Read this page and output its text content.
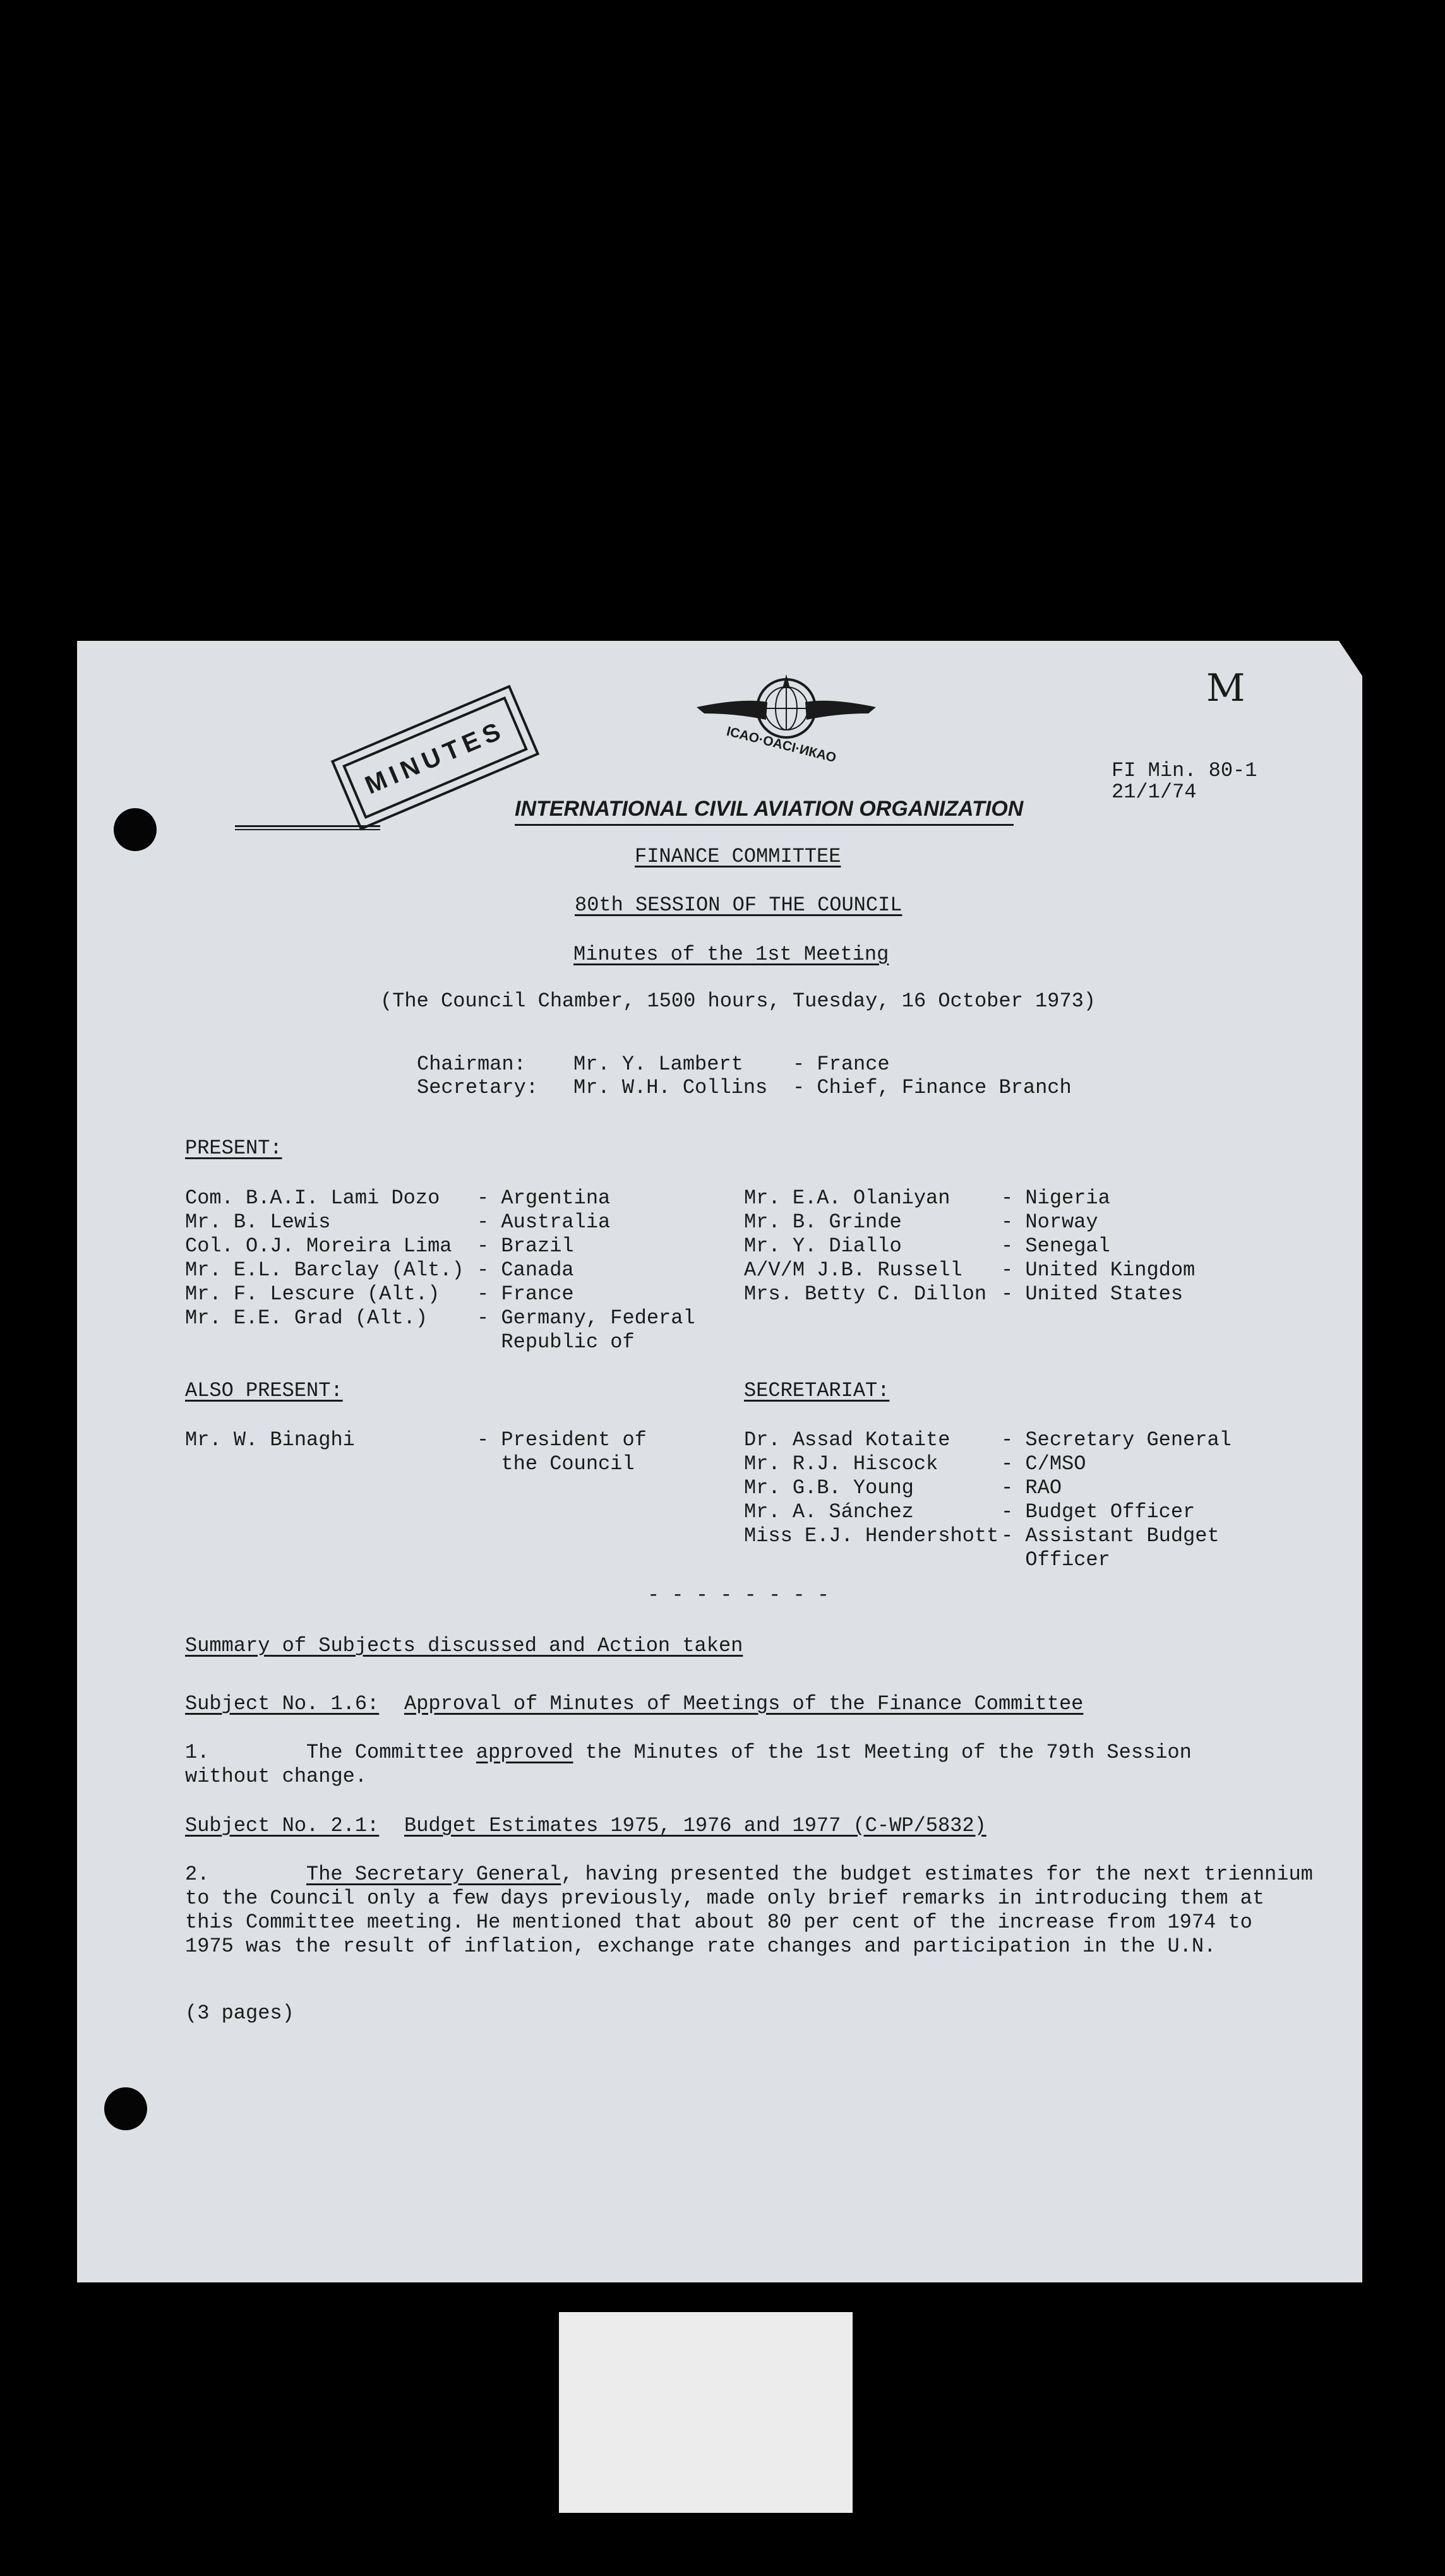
MINUTES	ICAO·OACI·ИКАО
INTERNATIONAL CIVIL AVIATION ORGANIZATION
M
FI Min. 80-1
21/1/74
FINANCE COMMITTEE
80th SESSION OF THE COUNCIL
Minutes of the 1st Meeting
(The Council Chamber, 1500 hours, Tuesday, 16 October 1973)
Chairman: Mr. Y. Lambert - France
Secretary: Mr. W.H. Collins - Chief, Finance Branch
PRESENT:
Com. B.A.I. Lami Dozo - Argentina
Mr. B. Lewis	- Australia
Col. O.J. Moreira Lima - Brazil
Mr. E.L. Barclay (Alt.) - Canada
Mr. F. Lescure (Alt.) - France
Mr. E.E. Grad (Alt.) - Germany, Federal
Republic of
Mr. E.A. Olaniyan	- Nigeria
Mr. B. Grinde	- Norway
Mr. Y. Diallo	- Senegal
A/V/M J.B. Russell - United Kingdom
Mrs. Betty C. Dillon - United States
ALSO PRESENT:
Mr. W. Binaghi	- President of
the Council
SECRETARIAT:
Dr. Assad Kotaite	- Secretary General
Mr. R.J. Hiscock	- C/MSO
Mr. G.B. Young	- RAO
Mr. A. Sánchez	- Budget Officer
Miss E.J. Hendershott - Assistant Budget
Officer
- - - - - - - -
Summary of Subjects discussed and Action taken
Subject No. 1.6: Approval of Minutes of Meetings of the Finance Committee
1.	The Committee approved the Minutes of the 1st Meeting of the 79th Session
without change.
Subject No. 2.1: Budget Estimates 1975, 1976 and 1977 (C-WP/5832)
2.	The Secretary General, having presented the budget estimates for the next triennium
to the Council only a few days previously, made only brief remarks in introducing them at
this Committee meeting. He mentioned that about 80 per cent of the increase from 1974 to
1975 was the result of inflation, exchange rate changes and participation in the U.N.
(3 pages)
